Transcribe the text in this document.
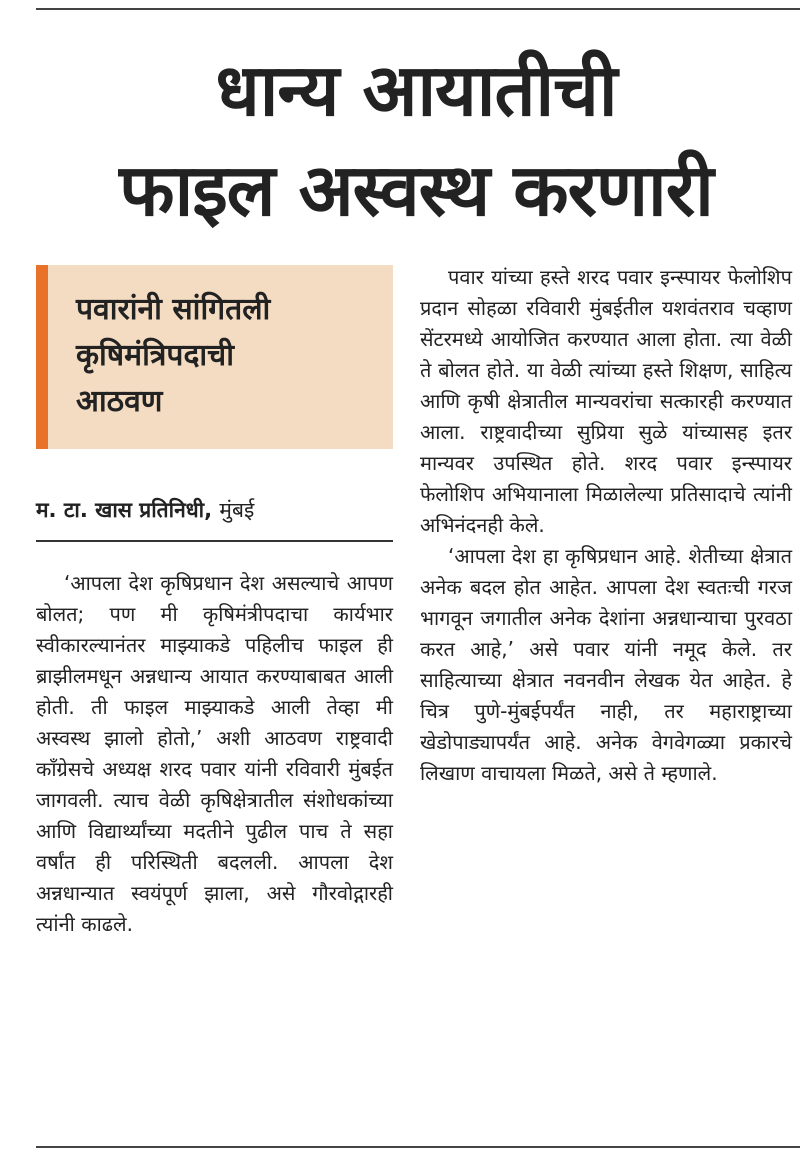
धान्य आयातीची
फाइल अस्वस्थ करणारी
पवारांनी सांगितली
कृषिमंत्रिपदाची
आठवण
म. टा. खास प्रतिनिधी, मुंबई

‘आपला देश कृषिप्रधान देश असल्याचे आपण बोलत; पण मी कृषिमंत्रीपदाचा कार्यभार स्वीकारल्यानंतर माझ्याकडे पहिलीच फाइल ही ब्राझीलमधून अन्नधान्य आयात करण्याबाबत आली होती. ती फाइल माझ्याकडे आली तेव्हा मी अस्वस्थ झालो होतो,’ अशी आठवण राष्ट्रवादी काँग्रेसचे अध्यक्ष शरद पवार यांनी रविवारी मुंबईत जागवली. त्याच वेळी कृषिक्षेत्रातील संशोधकांच्या आणि विद्यार्थ्यांच्या मदतीने पुढील पाच ते सहा वर्षांत ही परिस्थिती बदलली. आपला देश अन्नधान्यात स्वयंपूर्ण झाला, असे गौरवोद्गारही त्यांनी काढले.

पवार यांच्या हस्ते शरद पवार इन्स्पायर फेलोशिप प्रदान सोहळा रविवारी मुंबईतील यशवंतराव चव्हाण सेंटरमध्ये आयोजित करण्यात आला होता. त्या वेळी ते बोलत होते. या वेळी त्यांच्या हस्ते शिक्षण, साहित्य आणि कृषी क्षेत्रातील मान्यवरांचा सत्कारही करण्यात आला. राष्ट्रवादीच्या सुप्रिया सुळे यांच्यासह इतर मान्यवर उपस्थित होते. शरद पवार इन्स्पायर फेलोशिप अभियानाला मिळालेल्या प्रतिसादाचे त्यांनी अभिनंदनही केले.

‘आपला देश हा कृषिप्रधान आहे. शेतीच्या क्षेत्रात अनेक बदल होत आहेत. आपला देश स्वतःची गरज भागवून जगातील अनेक देशांना अन्नधान्याचा पुरवठा करत आहे,’ असे पवार यांनी नमूद केले. तर साहित्याच्या क्षेत्रात नवनवीन लेखक येत आहेत. हे चित्र पुणे-मुंबईपर्यंत नाही, तर महाराष्ट्राच्या खेडोपाड्यापर्यंत आहे. अनेक वेगवेगळ्या प्रकारचे लिखाण वाचायला मिळते, असे ते म्हणाले.
